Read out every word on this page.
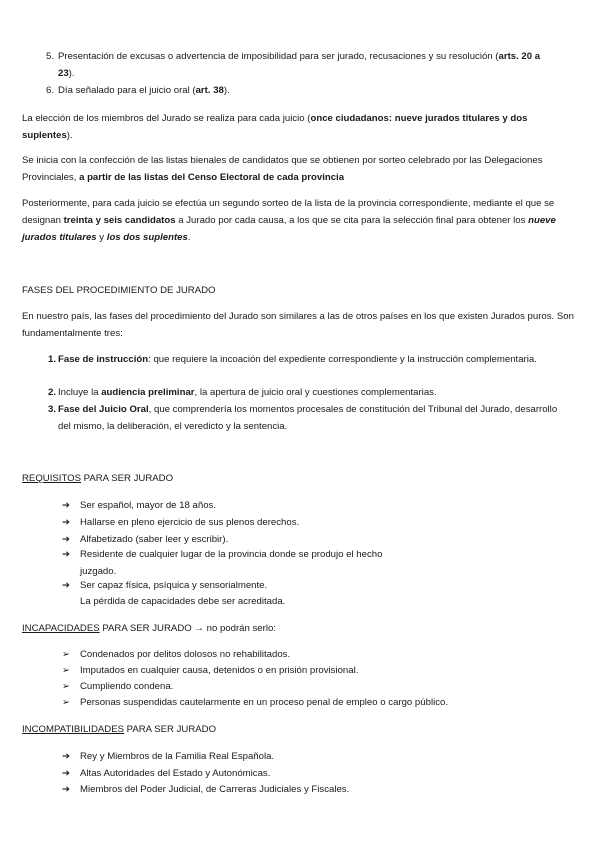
5. Presentación de excusas o advertencia de imposibilidad para ser jurado, recusaciones y su resolución (arts. 20 a 23).
6. Día señalado para el juicio oral (art. 38).
La elección de los miembros del Jurado se realiza para cada juicio (once ciudadanos: nueve jurados titulares y dos suplentes).
Se inicia con la confección de las listas bienales de candidatos que se obtienen por sorteo celebrado por las Delegaciones Provinciales, a partir de las listas del Censo Electoral de cada provincia
Posteriormente, para cada juicio se efectúa un segundo sorteo de la lista de la provincia correspondiente, mediante el que se designan treinta y seis candidatos a Jurado por cada causa, a los que se cita para la selección final para obtener los nueve jurados titulares y los dos suplentes.
FASES DEL PROCEDIMIENTO DE JURADO
En nuestro país, las fases del procedimiento del Jurado son similares a las de otros países en los que existen Jurados puros. Son fundamentalmente tres:
1. Fase de instrucción: que requiere la incoación del expediente correspondiente y la instrucción complementaria.
2. Incluye la audiencia preliminar, la apertura de juicio oral y cuestiones complementarias.
3. Fase del Juicio Oral, que comprendería los momentos procesales de constitución del Tribunal del Jurado, desarrollo del mismo, la deliberación, el veredicto y la sentencia.
REQUISITOS PARA SER JURADO
➔	Ser español, mayor de 18 años.
➔	Hallarse en pleno ejercicio de sus plenos derechos.
➔	Alfabetizado (saber leer y escribir).
➔	Residente de cualquier lugar de la provincia donde se produjo el hecho juzgado.
➔	Ser capaz física, psíquica y sensorialmente.
La pérdida de capacidades debe ser acreditada.
INCAPACIDADES PARA SER JURADO → no podrán serlo:
➢	Condenados por delitos dolosos no rehabilitados.
➢	Imputados en cualquier causa, detenidos o en prisión provisional.
➢	Cumpliendo condena.
➢	Personas suspendidas cautelarmente en un proceso penal de empleo o cargo público.
INCOMPATIBILIDADES PARA SER JURADO
➔	Rey y Miembros de la Familia Real Española.
➔	Altas Autoridades del Estado y Autonómicas.
➔	Miembros del Poder Judicial, de Carreras Judiciales y Fiscales.
